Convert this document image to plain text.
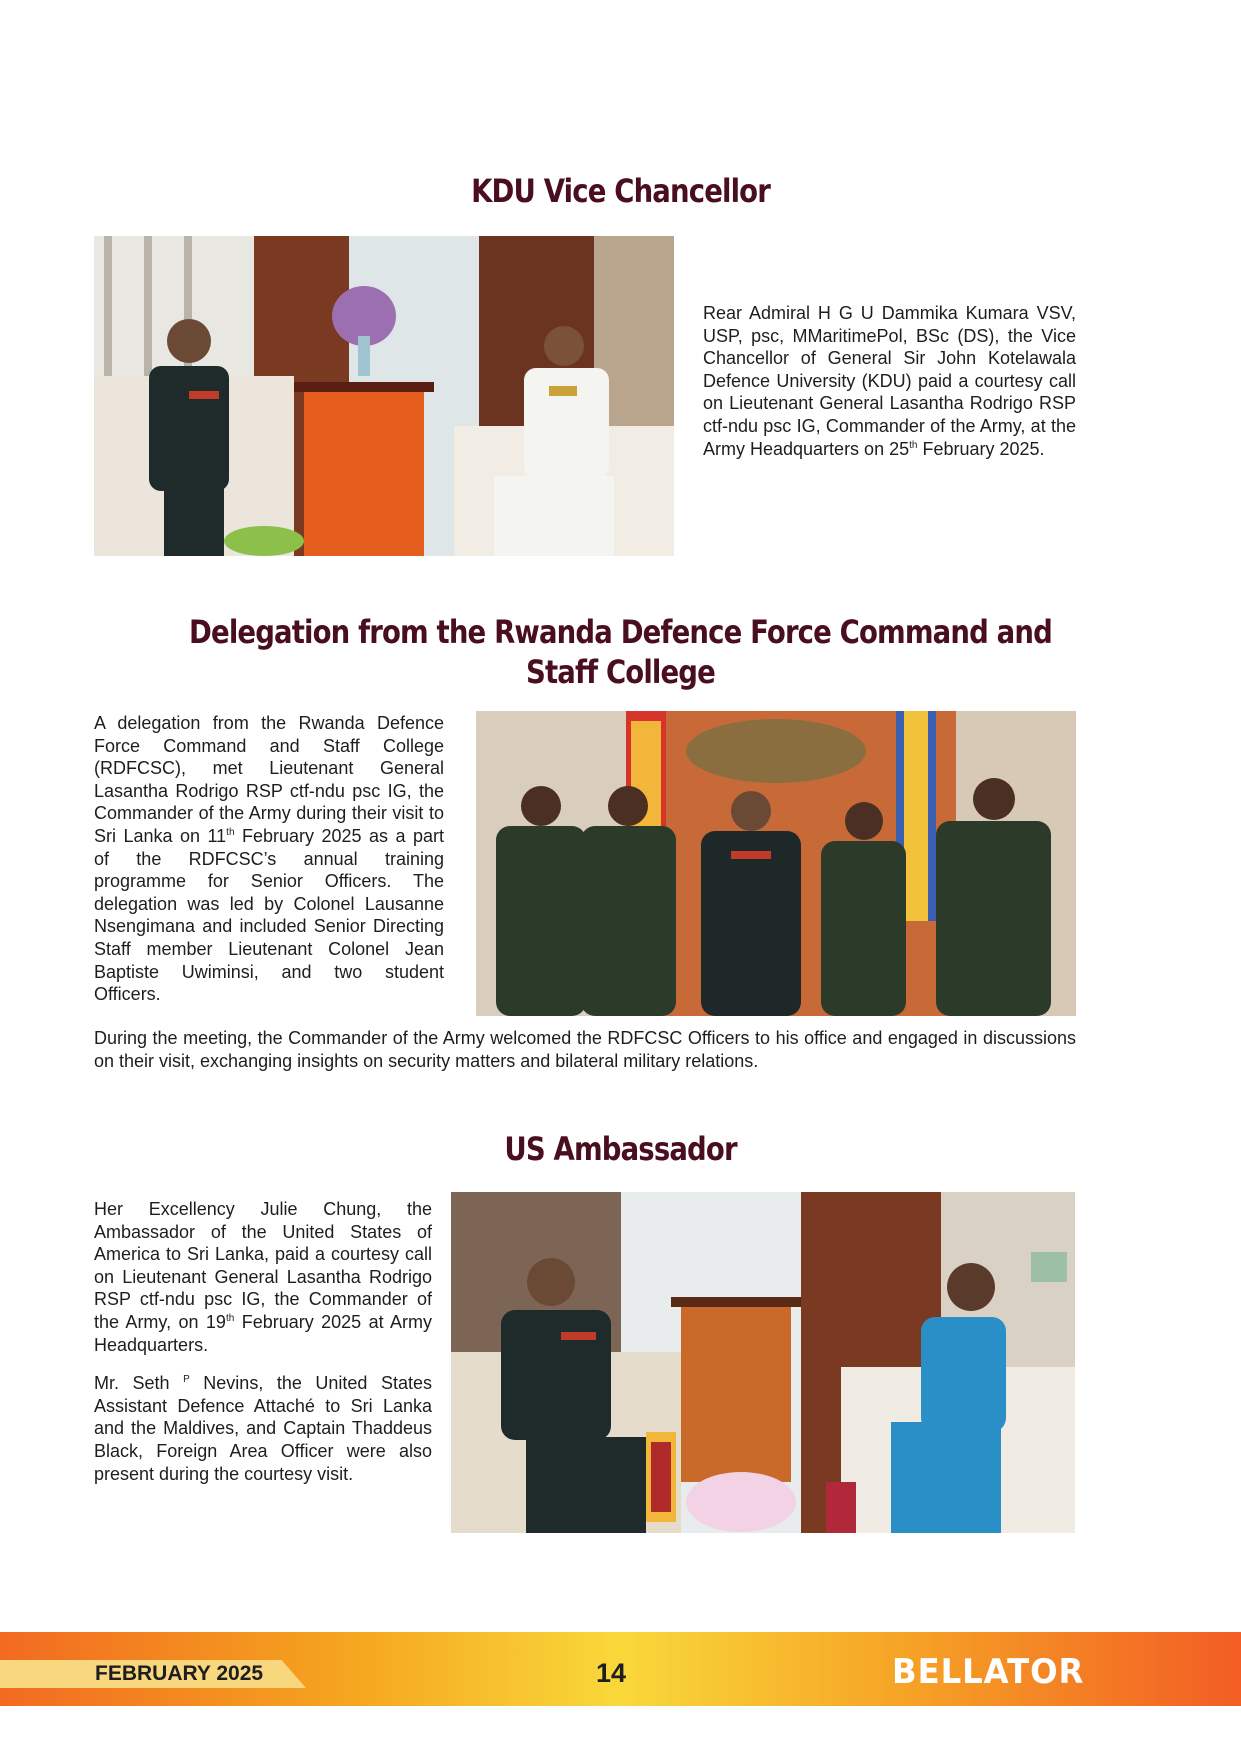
KDU Vice Chancellor

Rear Admiral H G U Dammika Kumara VSV, USP, psc, MMaritimePol, BSc (DS), the Vice Chancellor of General Sir John Kotelawala Defence University (KDU) paid a courtesy call on Lieutenant General Lasantha Rodrigo RSP ctf-ndu psc IG, Commander of the Army, at the Army Headquarters on 25th February 2025.

Delegation from the Rwanda Defence Force Command and
Staff College

A delegation from the Rwanda Defence Force Command and Staff College (RDFCSC), met Lieutenant General Lasantha Rodrigo RSP ctf-ndu psc IG, the Commander of the Army during their visit to Sri Lanka on 11th February 2025 as a part of the RDFCSC’s annual training programme for Senior Officers. The delegation was led by Colonel Lausanne Nsengimana and included Senior Directing Staff member Lieutenant Colonel Jean Baptiste Uwiminsi, and two student Officers.

During the meeting, the Commander of the Army welcomed the RDFCSC Officers to his office and engaged in discussions on their visit, exchanging insights on security matters and bilateral military relations.

US Ambassador

Her Excellency Julie Chung, the Ambassador of the United States of America to Sri Lanka, paid a courtesy call on Lieutenant General Lasantha Rodrigo RSP ctf-ndu psc IG, the Commander of the Army, on 19th February 2025 at Army Headquarters.

Mr. Seth $^P$ Nevins, the United States Assistant Defence Attaché to Sri Lanka and the Maldives, and Captain Thaddeus Black, Foreign Area Officer were also present during the courtesy visit.

FEBRUARY 2025	14	BELLATOR
